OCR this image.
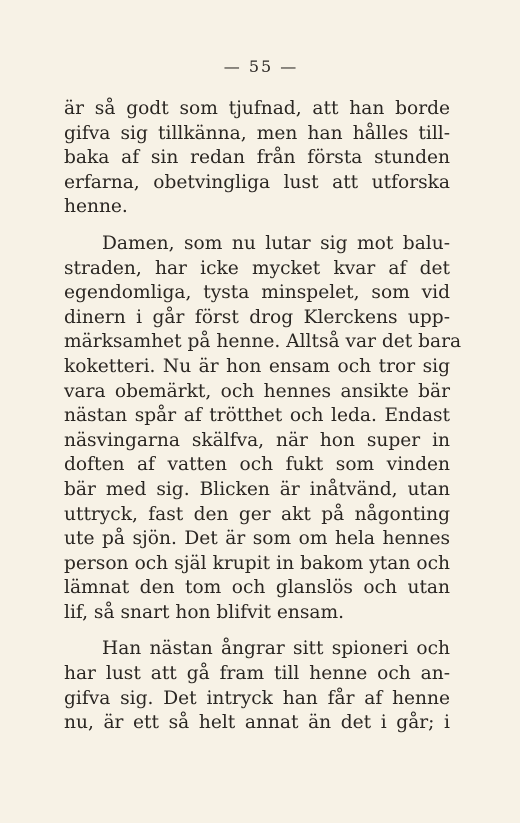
— 55 —
är så godt som tjufnad, att han borde
gifva sig tillkänna, men han hålles till-
baka af sin redan från första stunden
erfarna, obetvingliga lust att utforska
henne.
Damen, som nu lutar sig mot balu-
straden, har icke mycket kvar af det
egendomliga, tysta minspelet, som vid
dinern i går först drog Klerckens upp-
märksamhet på henne. Alltså var det bara
koketteri. Nu är hon ensam och tror sig
vara obemärkt, och hennes ansikte bär
nästan spår af trötthet och leda. Endast
näsvingarna skälfva, när hon super in
doften af vatten och fukt som vinden
bär med sig. Blicken är inåtvänd, utan
uttryck, fast den ger akt på någonting
ute på sjön. Det är som om hela hennes
person och själ krupit in bakom ytan och
lämnat den tom och glanslös och utan
lif, så snart hon blifvit ensam.
Han nästan ångrar sitt spioneri och
har lust att gå fram till henne och an-
gifva sig. Det intryck han får af henne
nu, är ett så helt annat än det i går; i
